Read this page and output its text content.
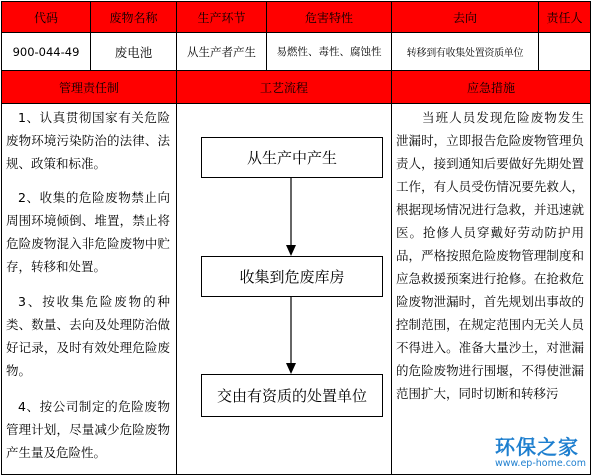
代码	废物名称	生产环节	危害特性	去向	责任人
900-044-49	废电池	从生产者产生	易燃性、毒性、腐蚀性	转移到有收集处置资质单位
管理责任制	工艺流程	应急措施
1、认真贯彻国家有关危险废物环境污染防治的法律、法规、政策和标准。
2、收集的危险废物禁止向周围环境倾倒、堆置，禁止将危险废物混入非危险废物中贮存，转移和处置。
3、按收集危险废物的种类、数量、去向及处理防治做好记录，及时有效处理危险废物。
4、按公司制定的危险废物管理计划，尽量减少危险废物产生量及危险性。
从生产中产生
收集到危废库房
交由有资质的处置单位
当班人员发现危险废物发生泄漏时，立即报告危险废物管理负责人，接到通知后要做好先期处置工作，有人员受伤情况要先救人，根据现场情况进行急救，并迅速就医。抢修人员穿戴好劳动防护用品，严格按照危险废物管理制度和应急救援预案进行抢修。在抢救危险废物泄漏时，首先规划出事故的控制范围，在规定范围内无关人员不得进入。准备大量沙土，对泄漏的危险废物进行围堰，不得使泄漏范围扩大，同时切断和转移污
环保之家
www.ep-home.com
